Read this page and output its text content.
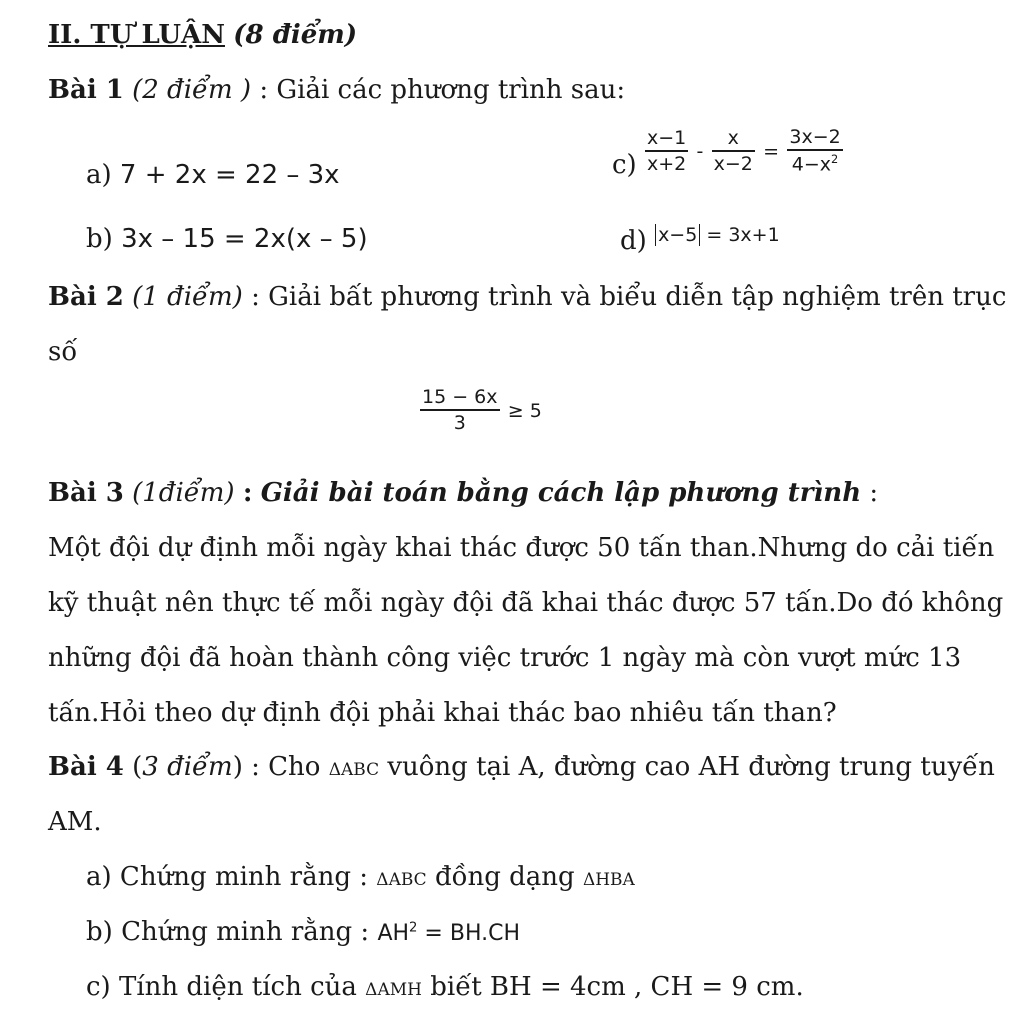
II. TỰ LUẬN (8 điểm)
Bài 1 (2 điểm ) : Giải các phương trình sau:
a) 7 + 2x = 22 – 3x
b) 3x – 15 = 2x(x – 5)
$c) \frac{x-1}{x+2} - \frac{x}{x-2} = \frac{3x-2}{4-x^2}$
d) x−5 = 3x+1
Bài 2 (1 điểm) : Giải bất phương trình và biểu diễn tập nghiệm trên trục
số
$\frac{15 - 6x}{3} \ge 5$
Bài 3 (1điểm) : Giải bài toán bằng cách lập phương trình :
Một đội dự định mỗi ngày khai thác được 50 tấn than.Nhưng do cải tiến
kỹ thuật nên thực tế mỗi ngày đội đã khai thác được 57 tấn.Do đó không
những đội đã hoàn thành công việc trước 1 ngày mà còn vượt mức 13
tấn.Hỏi theo dự định đội phải khai thác bao nhiêu tấn than?
Bài 4 (3 điểm) : Cho ΔABC vuông tại A, đường cao AH đường trung tuyến
AM.
a) Chứng minh rằng : ΔABC đồng dạng ΔHBA
b) Chứng minh rằng : $AH^2 = BH.CH$
c) Tính diện tích của ΔAMH biết BH = 4cm , CH = 9 cm.
